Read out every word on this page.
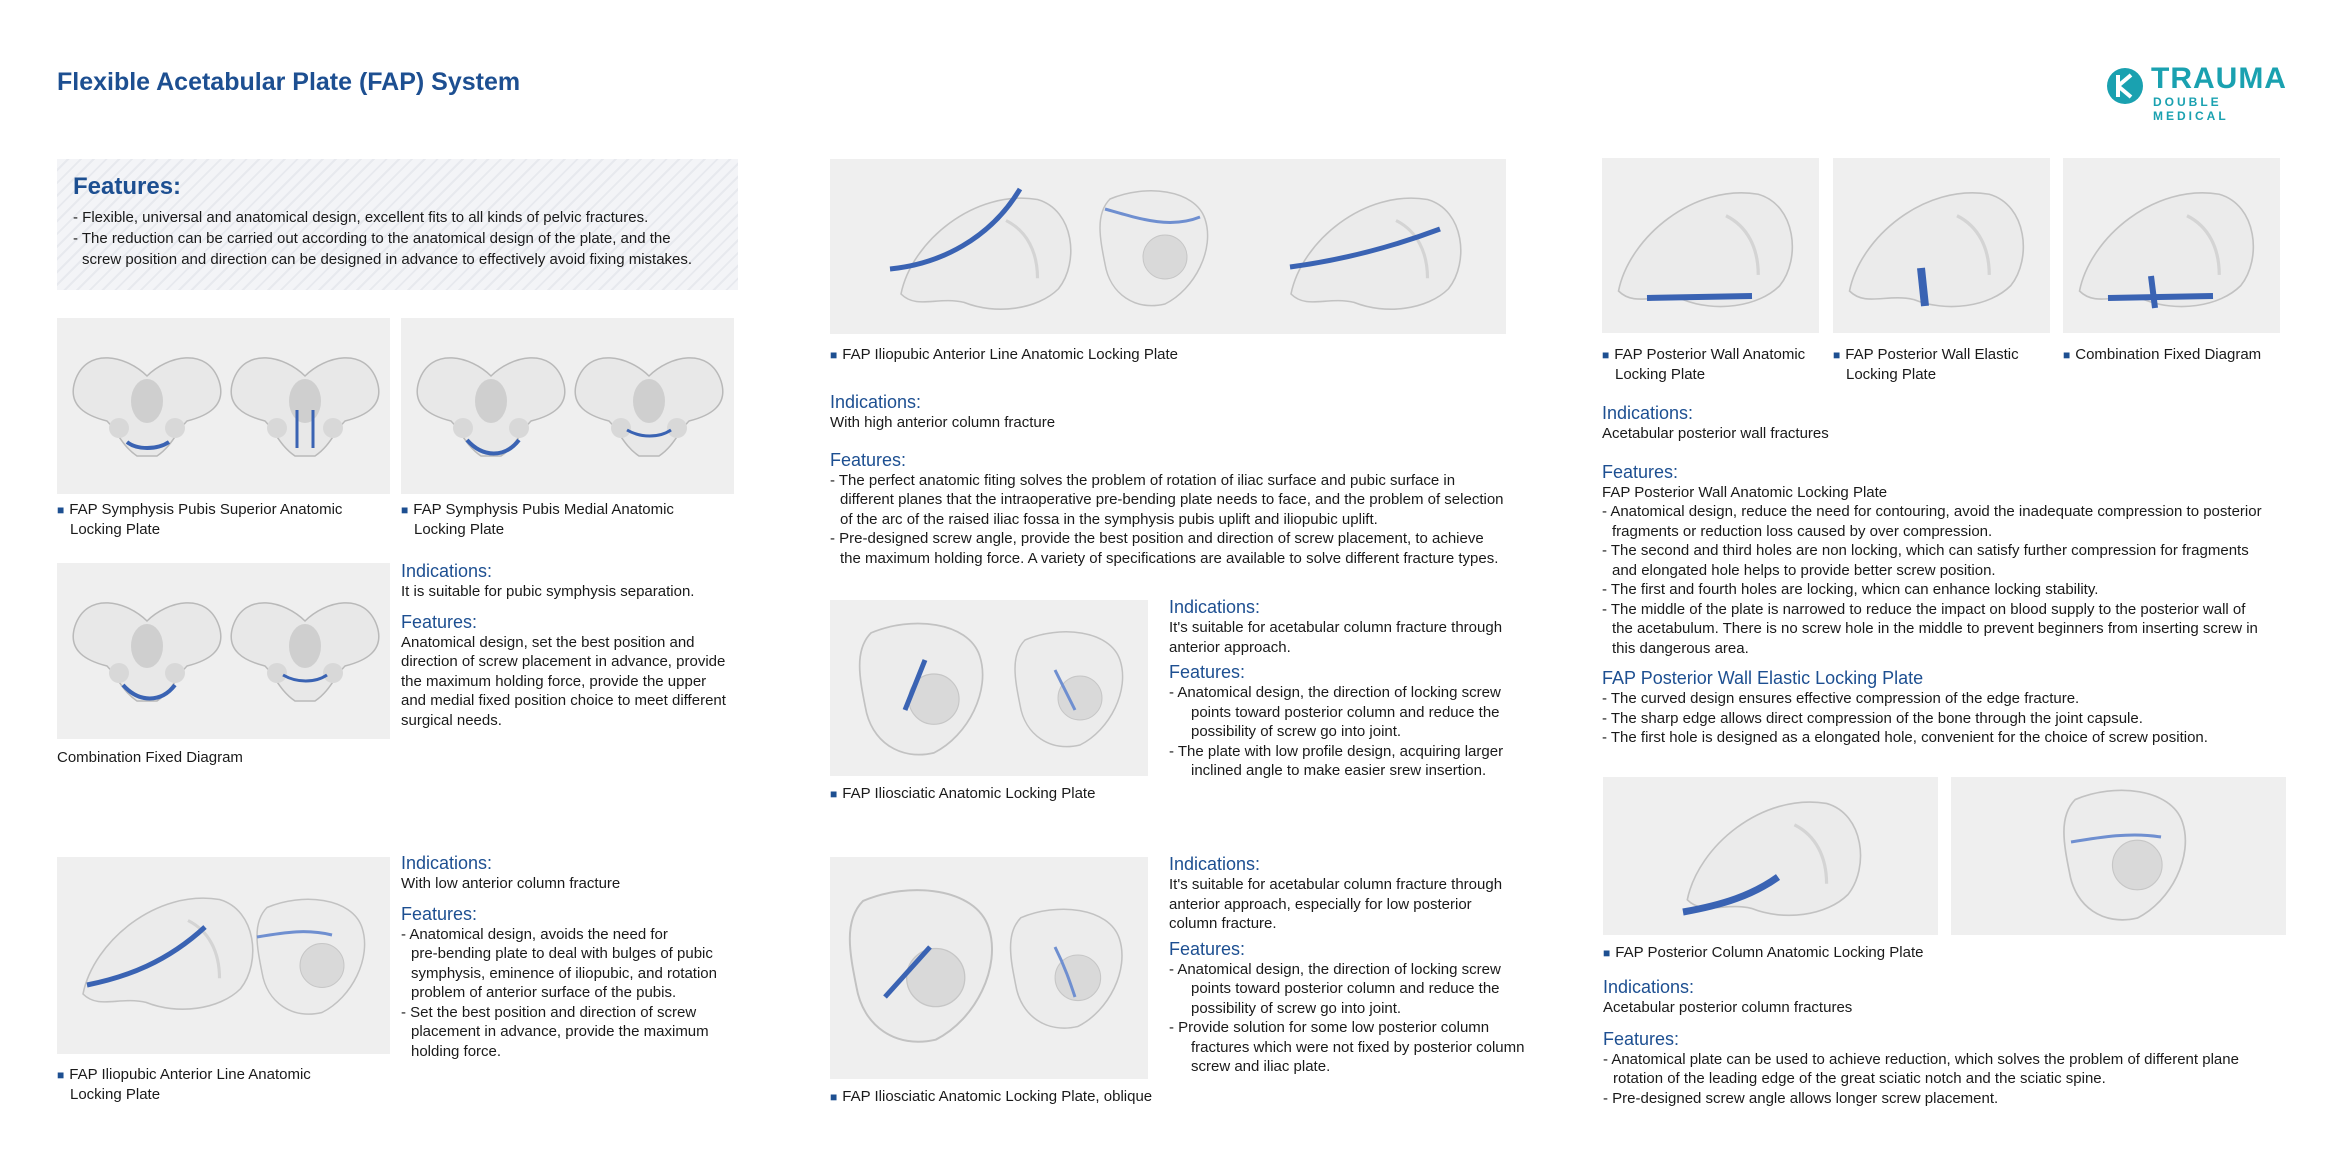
Flexible Acetabular Plate (FAP) System	TRAUMA
DOUBLE MEDICAL
Features:
- Flexible, universal and anatomical design, excellent fits to all kinds of pelvic fractures.
- The reduction can be carried out according to the anatomical design of the plate, and the
screw position and direction can be designed in advance to effectively avoid fixing mistakes.
■ FAP Symphysis Pubis Superior Anatomic
Locking Plate
■ FAP Symphysis Pubis Medial Anatomic
Locking Plate
Combination Fixed Diagram
Indications:
It is suitable for pubic symphysis separation.
Features:
Anatomical design, set the best position and
direction of screw placement in advance, provide
the maximum holding force, provide the upper
and medial fixed position choice to meet different
surgical needs.
■ FAP Iliopubic Anterior Line Anatomic
Locking Plate
Indications:
With low anterior column fracture
Features:
- Anatomical design, avoids the need for
pre-bending plate to deal with bulges of pubic
symphysis, eminence of iliopubic, and rotation
problem of anterior surface of the pubis.
- Set the best position and direction of screw
placement in advance, provide the maximum
holding force.
■ FAP Iliopubic Anterior Line Anatomic Locking Plate
Indications:
With high anterior column fracture
Features:
- The perfect anatomic fiting solves the problem of rotation of iliac surface and pubic surface in
different planes that the intraoperative pre-bending plate needs to face, and the problem of selection
of the arc of the raised iliac fossa in the symphysis pubis uplift and iliopubic uplift.
- Pre-designed screw angle, provide the best position and direction of screw placement, to achieve
the maximum holding force. A variety of specifications are available to solve different fracture types.
■ FAP Iliosciatic Anatomic Locking Plate
Indications:
It's suitable for acetabular column fracture through
anterior approach.
Features:
- Anatomical design, the direction of locking screw
points toward posterior column and reduce the
possibility of screw go into joint.
- The plate with low profile design, acquiring larger
inclined angle to make easier srew insertion.
■ FAP Iliosciatic Anatomic Locking Plate, oblique
Indications:
It's suitable for acetabular column fracture through
anterior approach, especially for low posterior
column fracture.
Features:
- Anatomical design, the direction of locking screw
points toward posterior column and reduce the
possibility of screw go into joint.
- Provide solution for some low posterior column
fractures which were not fixed by posterior column
screw and iliac plate.
■ FAP Posterior Wall Anatomic
Locking Plate
■ FAP Posterior Wall Elastic
Locking Plate
■ Combination Fixed Diagram
Indications:
Acetabular posterior wall fractures
Features:
FAP Posterior Wall Anatomic Locking Plate
- Anatomical design, reduce the need for contouring, avoid the inadequate compression to posterior
fragments or reduction loss caused by over compression.
- The second and third holes are non locking, which can satisfy further compression for fragments
and elongated hole helps to provide better screw position.
- The first and fourth holes are locking, whicn can enhance locking stability.
- The middle of the plate is narrowed to reduce the impact on blood supply to the posterior wall of
the acetabulum. There is no screw hole in the middle to prevent beginners from inserting screw in
this dangerous area.
FAP Posterior Wall Elastic Locking Plate
- The curved design ensures effective compression of the edge fracture.
- The sharp edge allows direct compression of the bone through the joint capsule.
- The first hole is designed as a elongated hole, convenient for the choice of screw position.
■ FAP Posterior Column Anatomic Locking Plate
Indications:
Acetabular posterior column fractures
Features:
- Anatomical plate can be used to achieve reduction, which solves the problem of different plane
rotation of the leading edge of the great sciatic notch and the sciatic spine.
- Pre-designed screw angle allows longer screw placement.
